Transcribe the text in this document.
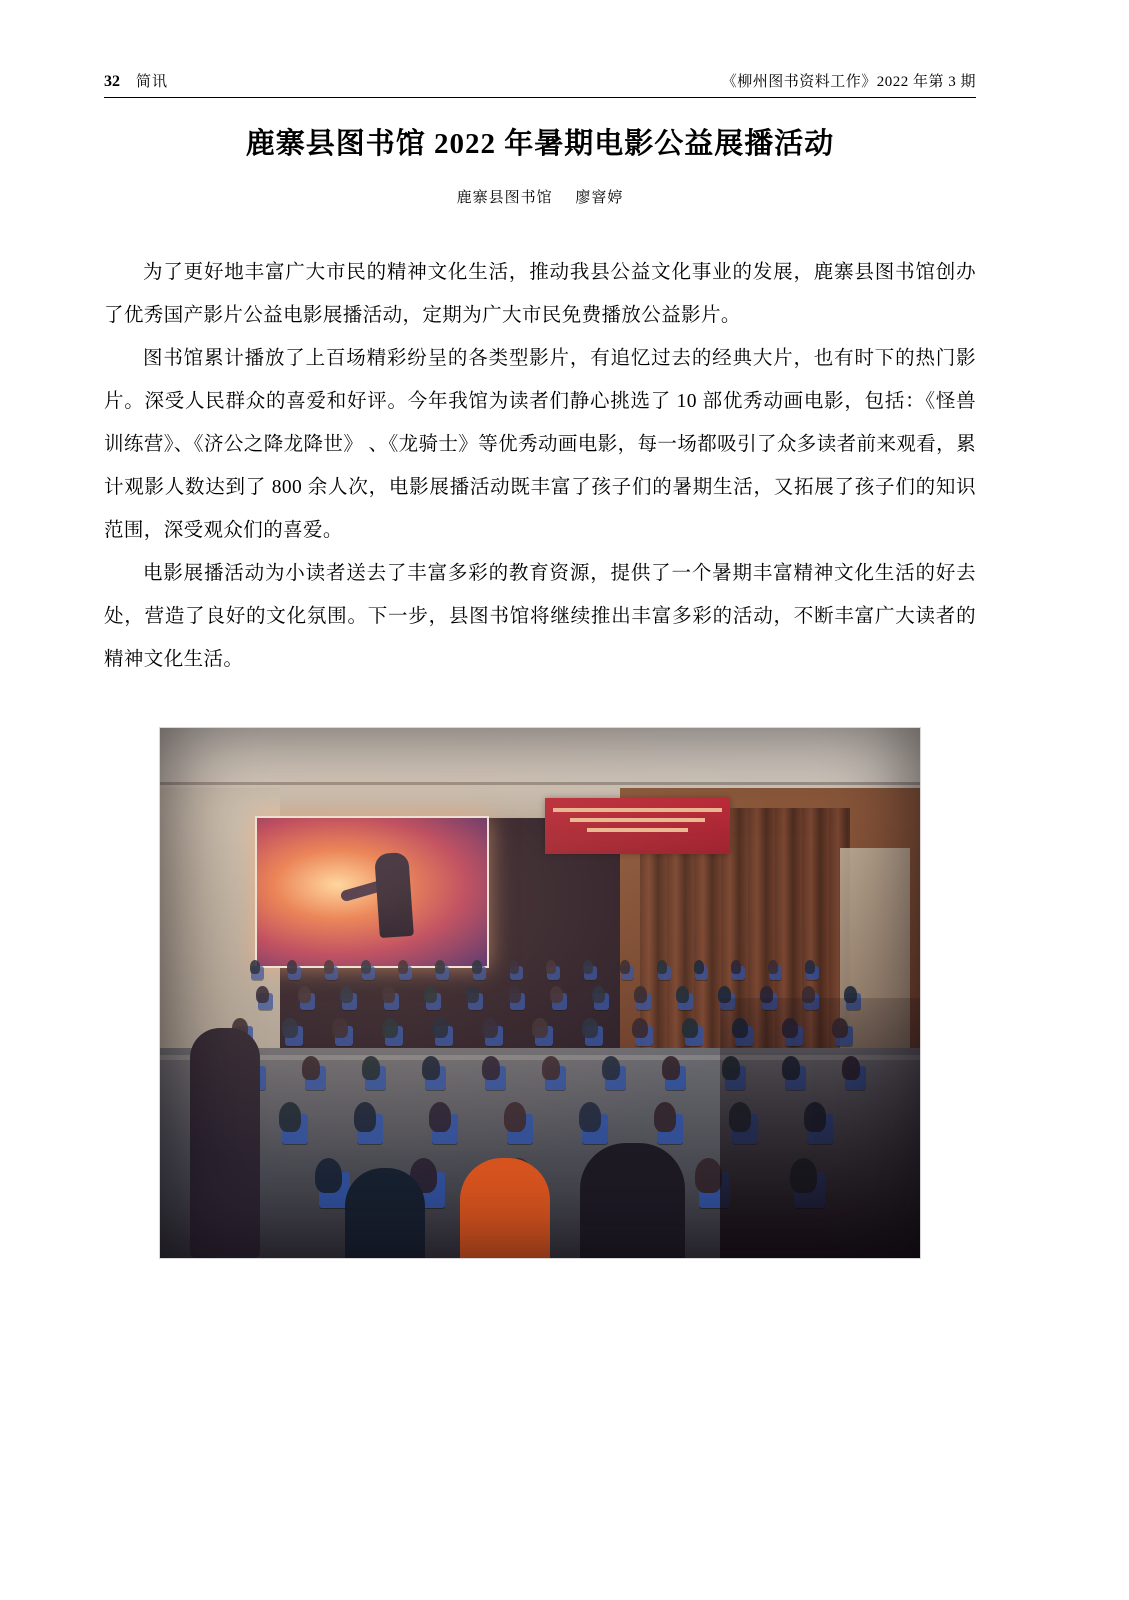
32 简讯	《柳州图书资料工作》2022 年第 3 期
鹿寨县图书馆 2022 年暑期电影公益展播活动
鹿寨县图书馆 廖窨婷

为了更好地丰富广大市民的精神文化生活，推动我县公益文化事业的发展，鹿寨县图书馆创办了优秀国产影片公益电影展播活动，定期为广大市民免费播放公益影片。

图书馆累计播放了上百场精彩纷呈的各类型影片，有追忆过去的经典大片，也有时下的热门影片。深受人民群众的喜爱和好评。今年我馆为读者们静心挑选了 10 部优秀动画电影，包括：《怪兽训练营》、《济公之降龙降世》 、《龙骑士》等优秀动画电影，每一场都吸引了众多读者前来观看，累计观影人数达到了 800 余人次，电影展播活动既丰富了孩子们的暑期生活，又拓展了孩子们的知识范围，深受观众们的喜爱。

电影展播活动为小读者送去了丰富多彩的教育资源，提供了一个暑期丰富精神文化生活的好去处，营造了良好的文化氛围。下一步，县图书馆将继续推出丰富多彩的活动，不断丰富广大读者的精神文化生活。
